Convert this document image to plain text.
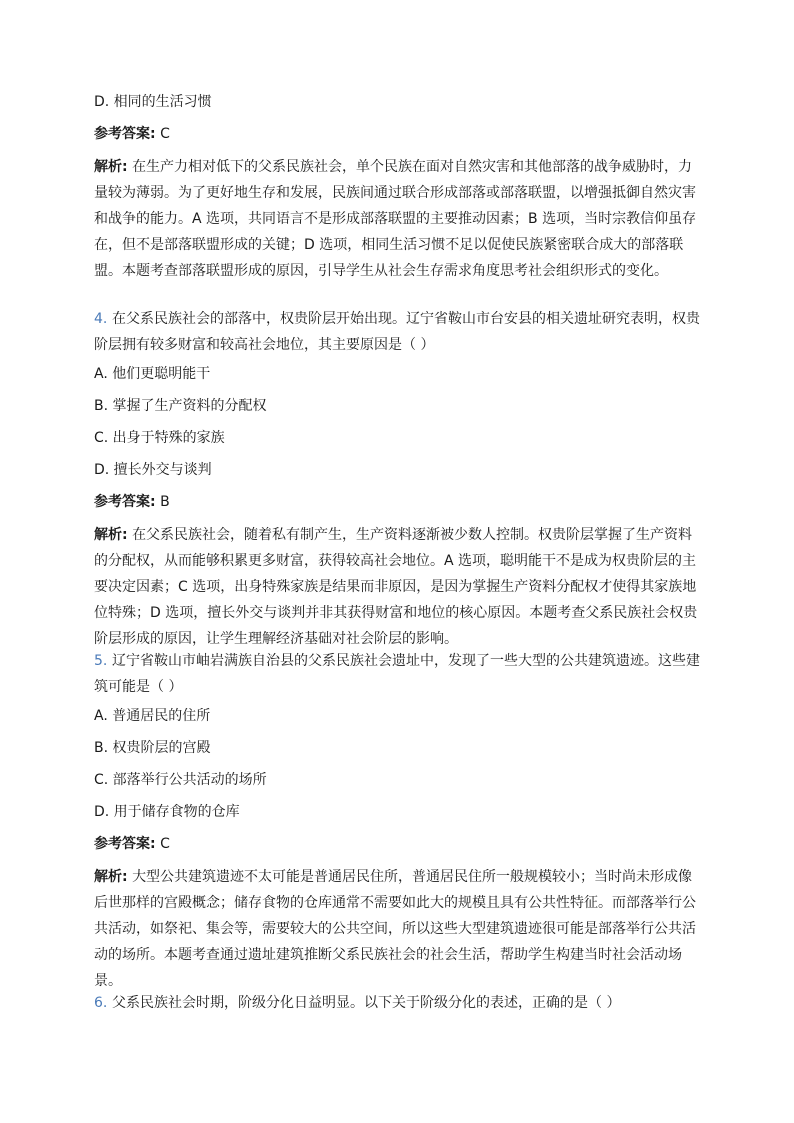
D. 相同的生活习惯
参考答案: C
解析: 在生产力相对低下的父系民族社会，单个民族在面对自然灾害和其他部落的战争威胁时，力量较为薄弱。为了更好地生存和发展，民族间通过联合形成部落或部落联盟，以增强抵御自然灾害和战争的能力。A 选项，共同语言不是形成部落联盟的主要推动因素；B 选项，当时宗教信仰虽存在，但不是部落联盟形成的关键；D 选项，相同生活习惯不足以促使民族紧密联合成大的部落联盟。本题考查部落联盟形成的原因，引导学生从社会生存需求角度思考社会组织形式的变化。
4. 在父系民族社会的部落中，权贵阶层开始出现。辽宁省鞍山市台安县的相关遗址研究表明，权贵阶层拥有较多财富和较高社会地位，其主要原因是（ ）
A. 他们更聪明能干
B. 掌握了生产资料的分配权
C. 出身于特殊的家族
D. 擅长外交与谈判
参考答案: B
解析: 在父系民族社会，随着私有制产生，生产资料逐渐被少数人控制。权贵阶层掌握了生产资料的分配权，从而能够积累更多财富，获得较高社会地位。A 选项，聪明能干不是成为权贵阶层的主要决定因素；C 选项，出身特殊家族是结果而非原因，是因为掌握生产资料分配权才使得其家族地位特殊；D 选项，擅长外交与谈判并非其获得财富和地位的核心原因。本题考查父系民族社会权贵阶层形成的原因，让学生理解经济基础对社会阶层的影响。
5. 辽宁省鞍山市岫岩满族自治县的父系民族社会遗址中，发现了一些大型的公共建筑遗迹。这些建筑可能是（ ）
A. 普通居民的住所
B. 权贵阶层的宫殿
C. 部落举行公共活动的场所
D. 用于储存食物的仓库
参考答案: C
解析: 大型公共建筑遗迹不太可能是普通居民住所，普通居民住所一般规模较小；当时尚未形成像后世那样的宫殿概念；储存食物的仓库通常不需要如此大的规模且具有公共性特征。而部落举行公共活动，如祭祀、集会等，需要较大的公共空间，所以这些大型建筑遗迹很可能是部落举行公共活动的场所。本题考查通过遗址建筑推断父系民族社会的社会生活，帮助学生构建当时社会活动场景。
6. 父系民族社会时期，阶级分化日益明显。以下关于阶级分化的表述，正确的是（ ）
